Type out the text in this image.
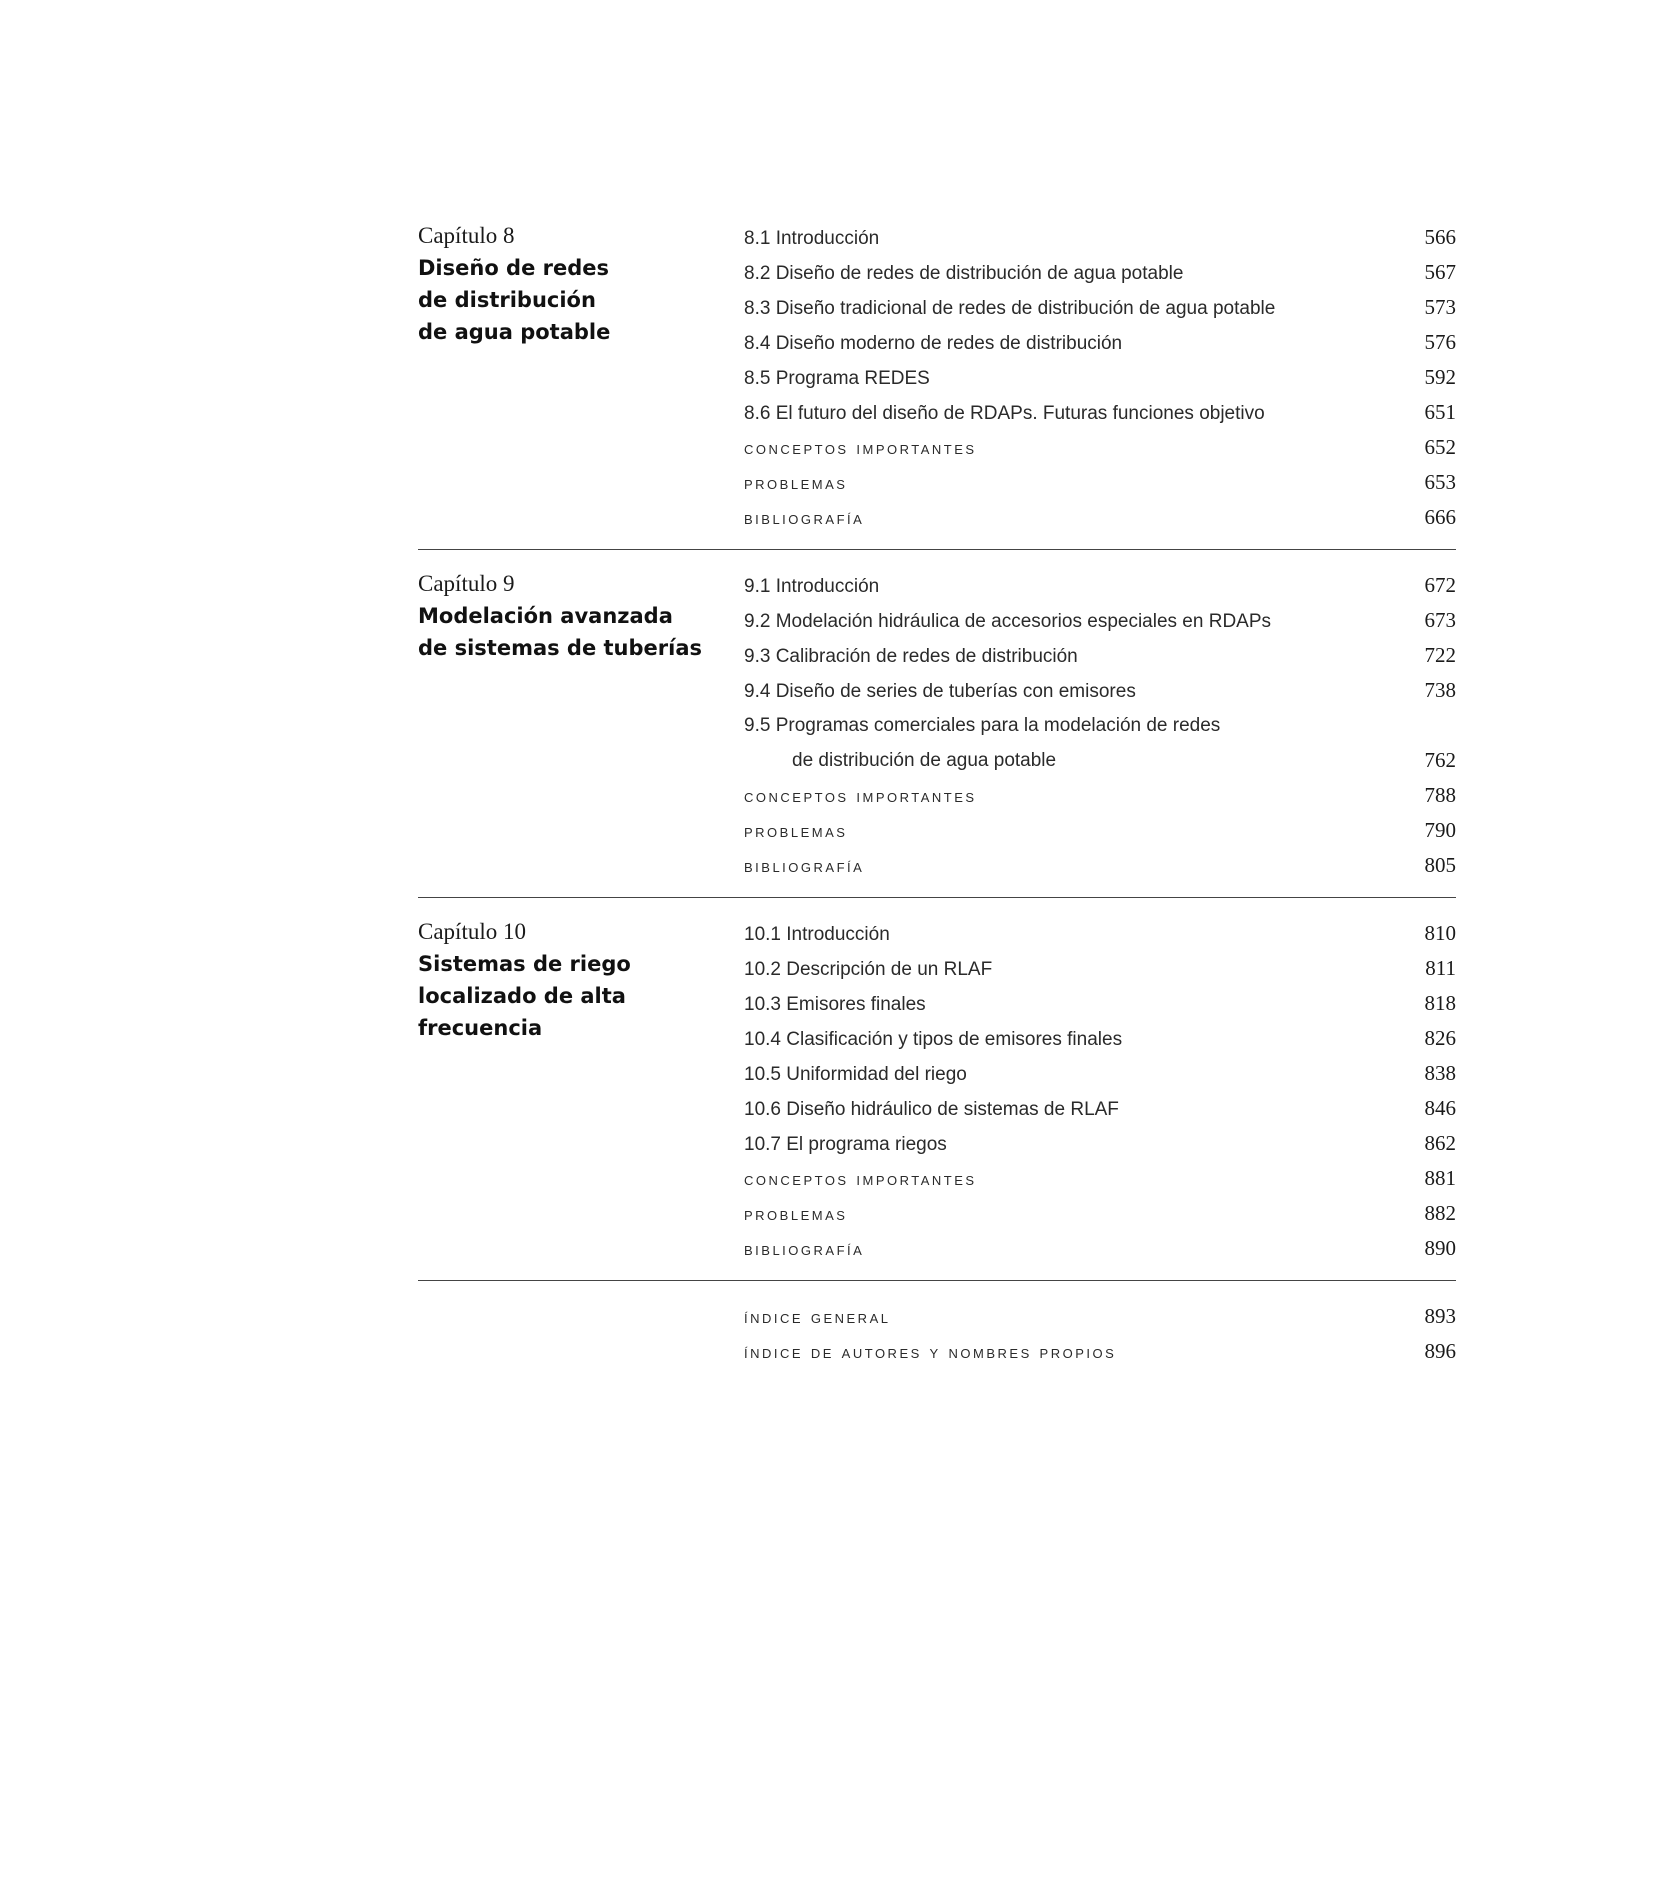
Capítulo 8
Diseño de redes
de distribución
de agua potable
8.1 Introducción	566
8.2 Diseño de redes de distribución de agua potable	567
8.3 Diseño tradicional de redes de distribución de agua potable	573
8.4 Diseño moderno de redes de distribución	576
8.5 Programa REDES	592
8.6 El futuro del diseño de RDAPs. Futuras funciones objetivo	651
conceptos importantes	652
problemas	653
bibliografía	666
Capítulo 9
Modelación avanzada
de sistemas de tuberías
9.1 Introducción	672
9.2 Modelación hidráulica de accesorios especiales en RDAPs	673
9.3 Calibración de redes de distribución	722
9.4 Diseño de series de tuberías con emisores	738
9.5 Programas comerciales para la modelación de redes
de distribución de agua potable	762
conceptos importantes	788
problemas	790
bibliografía	805
Capítulo 10
Sistemas de riego
localizado de alta
frecuencia
10.1 Introducción	810
10.2 Descripción de un RLAF	811
10.3 Emisores finales	818
10.4 Clasificación y tipos de emisores finales	826
10.5 Uniformidad del riego	838
10.6 Diseño hidráulico de sistemas de RLAF	846
10.7 El programa riegos	862
conceptos importantes	881
problemas	882
bibliografía	890
índice general	893
índice de autores y nombres propios	896
